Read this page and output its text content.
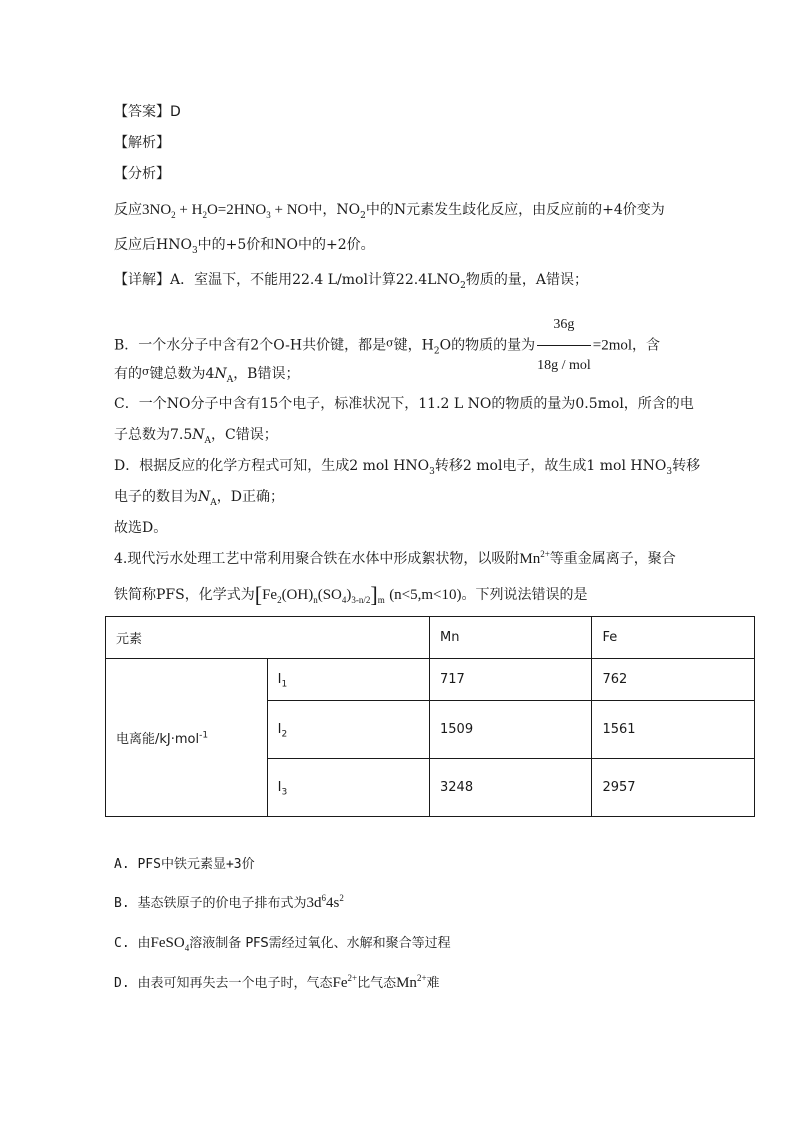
【答案】D
【解析】
【分析】
反应$3NO_2 + H_2O=2HNO_3$ + NO中，$NO_2$中的N元素发生歧化反应，由反应前的+4价变为
反应后$HNO_3$中的+5价和NO中的+2价。
【详解】A．室温下，不能用22.4 L/mol计算$22.4LNO_2$物质的量，A错误；
B．一个水分子中含有2个O-H共价键，都是$^\sigma$键，$H_2O$的物质的量为 $\frac{36g}{\text{18g / mol}} =2mol$，含
有的$^\sigma$键总数为$4N_A$，B错误；
C．一个NO分子中含有15个电子，标准状况下，11.2 L NO的物质的量为0.5mol，所含的电
子总数为$7.5N_A$，C错误；
D．根据反应的化学方程式可知，生成2 mol $HNO_3$转移2 mol电子，故生成1 mol $HNO_3$转移
电子的数目为$N_A$，D正确；
故选D。
4.现代污水处理工艺中常利用聚合铁在水体中形成絮状物，以吸附$Mn^{2+}$等重金属离子，聚合
铁简称PFS，化学式为$[Fe_2(OH)_n(SO_4)_{3-n/2}]_m$ (n<5,m<10)。下列说法错误的是
元素		Mn	Fe
电离能/kJ·mol$^{-1}$	$I_1$	717	762
	$I_2$	1509	1561
	$I_3$	3248	2957
A. PFS中铁元素显+3价
B. 基态铁原子的价电子排布式为$3d^64s^2$
C. 由FeSO$_4$溶液制备 PFS需经过氧化、水解和聚合等过程
D. 由表可知再失去一个电子时，气态$Fe^{2+}$比气态$Mn^{2+}$难
